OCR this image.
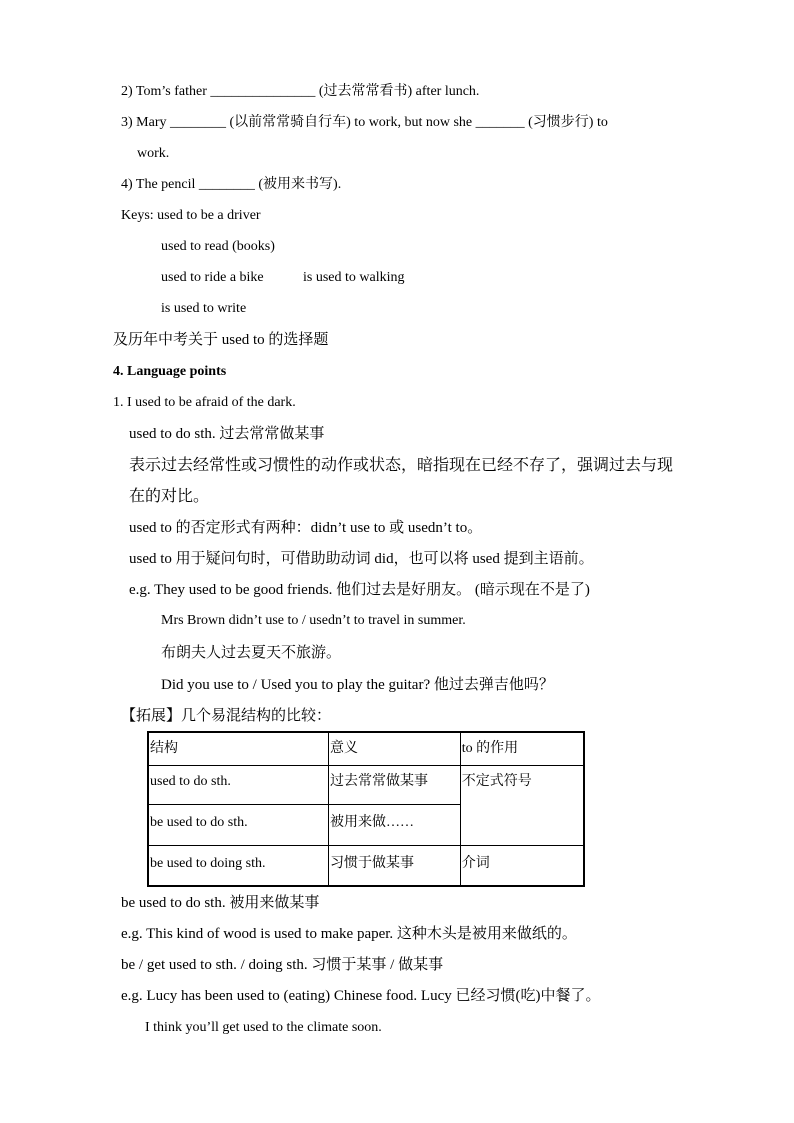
2) Tom’s father _______________ (过去常常看书) after lunch.
3) Mary ________ (以前常常骑自行车) to work, but now she _______ (习惯步行) to
work.
4) The pencil ________ (被用来书写).
Keys: used to be a driver
used to read (books)
used to ride a bike	is used to walking
is used to write
及历年中考关于 used to 的选择题
4. Language points
1. I used to be afraid of the dark.
used to do sth. 过去常常做某事
表示过去经常性或习惯性的动作或状态，暗指现在已经不存了，强调过去与现
在的对比。
used to 的否定形式有两种：didn’t use to 或 usedn’t to。
used to 用于疑问句时，可借助助动词 did，也可以将 used 提到主语前。
e.g. They used to be good friends. 他们过去是好朋友。 (暗示现在不是了)
Mrs Brown didn’t use to / usedn’t to travel in summer.
布朗夫人过去夏天不旅游。
Did you use to / Used you to play the guitar? 他过去弹吉他吗？
【拓展】几个易混结构的比较：
结构	意义	to 的作用
used to do sth.	过去常常做某事	不定式符号
be used to do sth.	被用来做……	
be used to doing sth.	习惯于做某事	介词
be used to do sth. 被用来做某事
e.g. This kind of wood is used to make paper. 这种木头是被用来做纸的。
be / get used to sth. / doing sth. 习惯于某事 / 做某事
e.g. Lucy has been used to (eating) Chinese food. Lucy 已经习惯(吃)中餐了。
I think you’ll get used to the climate soon.
